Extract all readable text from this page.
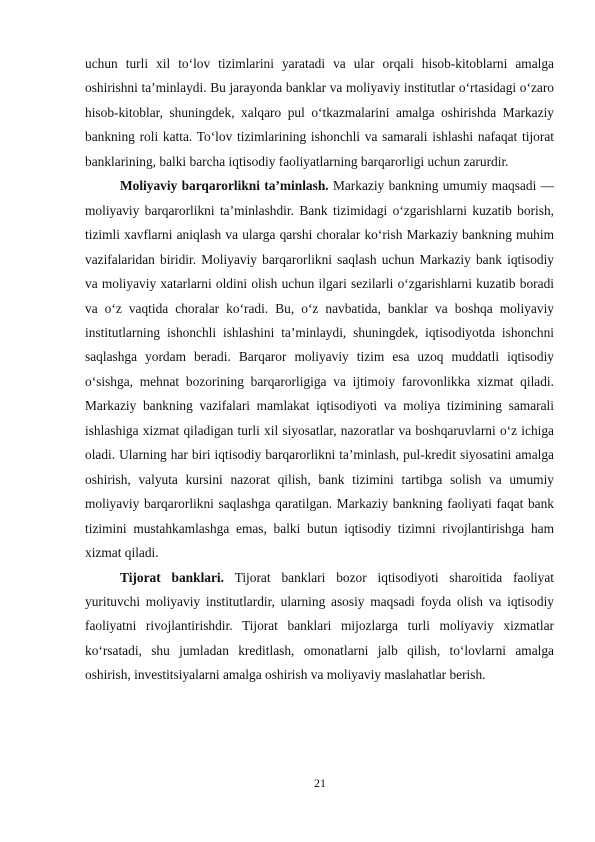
uchun turli xil to‘lov tizimlarini yaratadi va ular orqali hisob-kitoblarni amalga oshirishni ta’minlaydi. Bu jarayonda banklar va moliyaviy institutlar o‘rtasidagi o‘zaro hisob-kitoblar, shuningdek, xalqaro pul o‘tkazmalarini amalga oshirishda Markaziy bankning roli katta. To‘lov tizimlarining ishonchli va samarali ishlashi nafaqat tijorat banklarining, balki barcha iqtisodiy faoliyatlarning barqarorligi uchun zarurdir.

Moliyaviy barqarorlikni ta’minlash. Markaziy bankning umumiy maqsadi — moliyaviy barqarorlikni ta’minlashdir. Bank tizimidagi o‘zgarishlarni kuzatib borish, tizimli xavflarni aniqlash va ularga qarshi choralar ko‘rish Markaziy bankning muhim vazifalaridan biridir. Moliyaviy barqarorlikni saqlash uchun Markaziy bank iqtisodiy va moliyaviy xatarlarni oldini olish uchun ilgari sezilarli o‘zgarishlarni kuzatib boradi va o‘z vaqtida choralar ko‘radi. Bu, o‘z navbatida, banklar va boshqa moliyaviy institutlarning ishonchli ishlashini ta’minlaydi, shuningdek, iqtisodiyotda ishonchni saqlashga yordam beradi. Barqaror moliyaviy tizim esa uzoq muddatli iqtisodiy o‘sishga, mehnat bozorining barqarorligiga va ijtimoiy farovonlikka xizmat qiladi. Markaziy bankning vazifalari mamlakat iqtisodiyoti va moliya tizimining samarali ishlashiga xizmat qiladigan turli xil siyosatlar, nazoratlar va boshqaruvlarni o‘z ichiga oladi. Ularning har biri iqtisodiy barqarorlikni ta’minlash, pul-kredit siyosatini amalga oshirish, valyuta kursini nazorat qilish, bank tizimini tartibga solish va umumiy moliyaviy barqarorlikni saqlashga qaratilgan. Markaziy bankning faoliyati faqat bank tizimini mustahkamlashga emas, balki butun iqtisodiy tizimni rivojlantirishga ham xizmat qiladi.

Tijorat banklari. Tijorat banklari bozor iqtisodiyoti sharoitida faoliyat yurituvchi moliyaviy institutlardir, ularning asosiy maqsadi foyda olish va iqtisodiy faoliyatni rivojlantirishdir. Tijorat banklari mijozlarga turli moliyaviy xizmatlar ko‘rsatadi, shu jumladan kreditlash, omonatlarni jalb qilish, to‘lovlarni amalga oshirish, investitsiyalarni amalga oshirish va moliyaviy maslahatlar berish.

21
